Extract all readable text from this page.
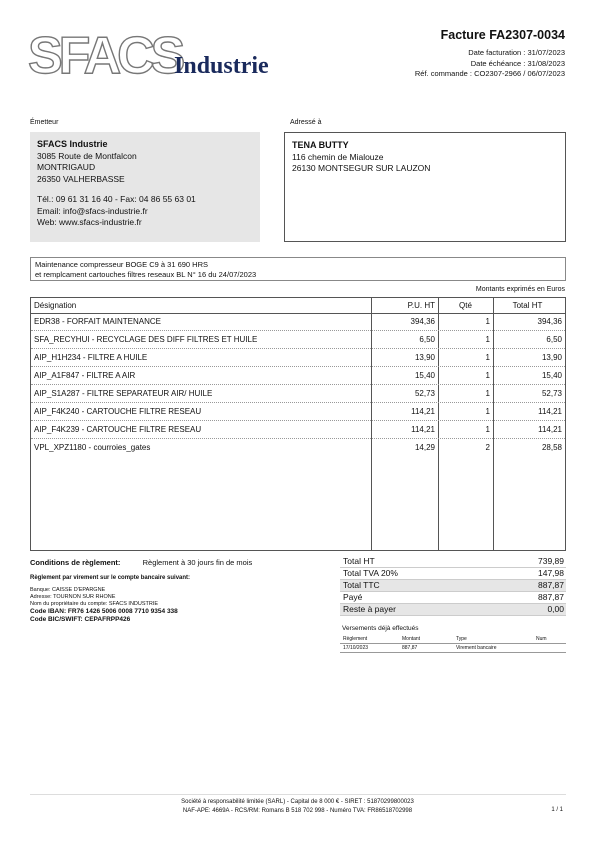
SFACS
Industrie
Facture FA2307-0034
Date facturation : 31/07/2023
Date échéance : 31/08/2023
Réf. commande : CO2307-2966 / 06/07/2023
Émetteur
SFACS Industrie
3085 Route de Montfalcon
MONTRIGAUD
26350 VALHERBASSE
Tél.: 09 61 31 16 40 - Fax: 04 86 55 63 01
Email: info@sfacs-industrie.fr
Web: www.sfacs-industrie.fr
Adressé à
TENA BUTTY
116 chemin de Mialouze
26130 MONTSEGUR SUR LAUZON
Maintenance compresseur BOGE C9 à 31 690 HRS
et remplcament cartouches filtres reseaux BL N° 16 du 24/07/2023
Montants exprimés en Euros
Désignation	P.U. HT	Qté	Total HT
EDR38 - FORFAIT MAINTENANCE	394,36	1	394,36
SFA_RECYHUI - RECYCLAGE DES DIFF FILTRES ET HUILE	6,50	1	6,50
AIP_H1H234 - FILTRE A HUILE	13,90	1	13,90
AIP_A1F847 - FILTRE A AIR	15,40	1	15,40
AIP_S1A287 - FILTRE SEPARATEUR AIR/ HUILE	52,73	1	52,73
AIP_F4K240 - CARTOUCHE FILTRE RESEAU	114,21	1	114,21
AIP_F4K239 - CARTOUCHE FILTRE RESEAU	114,21	1	114,21
VPL_XPZ1180 - courroies_gates	14,29	2	28,58
Conditions de règlement:	Règlement à 30 jours fin de mois
Règlement par virement sur le compte bancaire suivant:
Banque: CAISSE D'EPARGNE
Adresse: TOURNON SUR RHONE
Nom du propriétaire du compte: SFACS INDUSTRIE
Code IBAN: FR76 1426 5006 0008 7710 9354 338
Code BIC/SWIFT: CEPAFRPP426
Total HT	739,89
Total TVA 20%	147,98
Total TTC	887,87
Payé	887,87
Reste à payer	0,00
Versements déjà effectués
Règlement	Montant	Type	Num
17/10/2023	887,87	Virement bancaire
Société à responsabilité limitée (SARL) - Capital de 8 000 € - SIRET : 51870299800023
NAF-APE: 4669A - RCS/RM: Romans B 518 702 998 - Numéro TVA: FR86518702998	1 / 1
